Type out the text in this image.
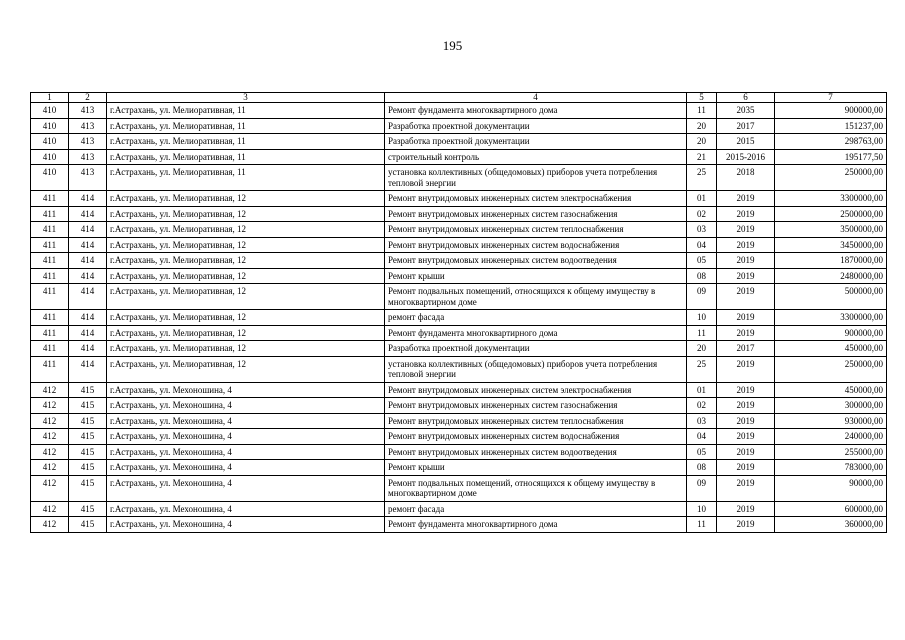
195
1	2	3	4	5	6	7
410	413	г.Астрахань, ул. Мелиоративная, 11	Ремонт фундамента многоквартирного дома	11	2035	900000,00
410	413	г.Астрахань, ул. Мелиоративная, 11	Разработка проектной документации	20	2017	151237,00
410	413	г.Астрахань, ул. Мелиоративная, 11	Разработка проектной документации	20	2015	298763,00
410	413	г.Астрахань, ул. Мелиоративная, 11	строительный контроль	21	2015-2016	195177,50
410	413	г.Астрахань, ул. Мелиоративная, 11	установка коллективных (общедомовых) приборов учета потребления тепловой энергии	25	2018	250000,00
411	414	г.Астрахань, ул. Мелиоративная, 12	Ремонт внутридомовых инженерных систем электроснабжения	01	2019	3300000,00
411	414	г.Астрахань, ул. Мелиоративная, 12	Ремонт внутридомовых инженерных систем газоснабжения	02	2019	2500000,00
411	414	г.Астрахань, ул. Мелиоративная, 12	Ремонт внутридомовых инженерных систем теплоснабжения	03	2019	3500000,00
411	414	г.Астрахань, ул. Мелиоративная, 12	Ремонт внутридомовых инженерных систем водоснабжения	04	2019	3450000,00
411	414	г.Астрахань, ул. Мелиоративная, 12	Ремонт внутридомовых инженерных систем водоотведения	05	2019	1870000,00
411	414	г.Астрахань, ул. Мелиоративная, 12	Ремонт крыши	08	2019	2480000,00
411	414	г.Астрахань, ул. Мелиоративная, 12	Ремонт подвальных помещений, относящихся к общему имуществу в многоквартирном доме	09	2019	500000,00
411	414	г.Астрахань, ул. Мелиоративная, 12	ремонт фасада	10	2019	3300000,00
411	414	г.Астрахань, ул. Мелиоративная, 12	Ремонт фундамента многоквартирного дома	11	2019	900000,00
411	414	г.Астрахань, ул. Мелиоративная, 12	Разработка проектной документации	20	2017	450000,00
411	414	г.Астрахань, ул. Мелиоративная, 12	установка коллективных (общедомовых) приборов учета потребления тепловой энергии	25	2019	250000,00
412	415	г.Астрахань, ул. Мехоношина, 4	Ремонт внутридомовых инженерных систем электроснабжения	01	2019	450000,00
412	415	г.Астрахань, ул. Мехоношина, 4	Ремонт внутридомовых инженерных систем газоснабжения	02	2019	300000,00
412	415	г.Астрахань, ул. Мехоношина, 4	Ремонт внутридомовых инженерных систем теплоснабжения	03	2019	930000,00
412	415	г.Астрахань, ул. Мехоношина, 4	Ремонт внутридомовых инженерных систем водоснабжения	04	2019	240000,00
412	415	г.Астрахань, ул. Мехоношина, 4	Ремонт внутридомовых инженерных систем водоотведения	05	2019	255000,00
412	415	г.Астрахань, ул. Мехоношина, 4	Ремонт крыши	08	2019	783000,00
412	415	г.Астрахань, ул. Мехоношина, 4	Ремонт подвальных помещений, относящихся к общему имуществу в многоквартирном доме	09	2019	90000,00
412	415	г.Астрахань, ул. Мехоношина, 4	ремонт фасада	10	2019	600000,00
412	415	г.Астрахань, ул. Мехоношина, 4	Ремонт фундамента многоквартирного дома	11	2019	360000,00
